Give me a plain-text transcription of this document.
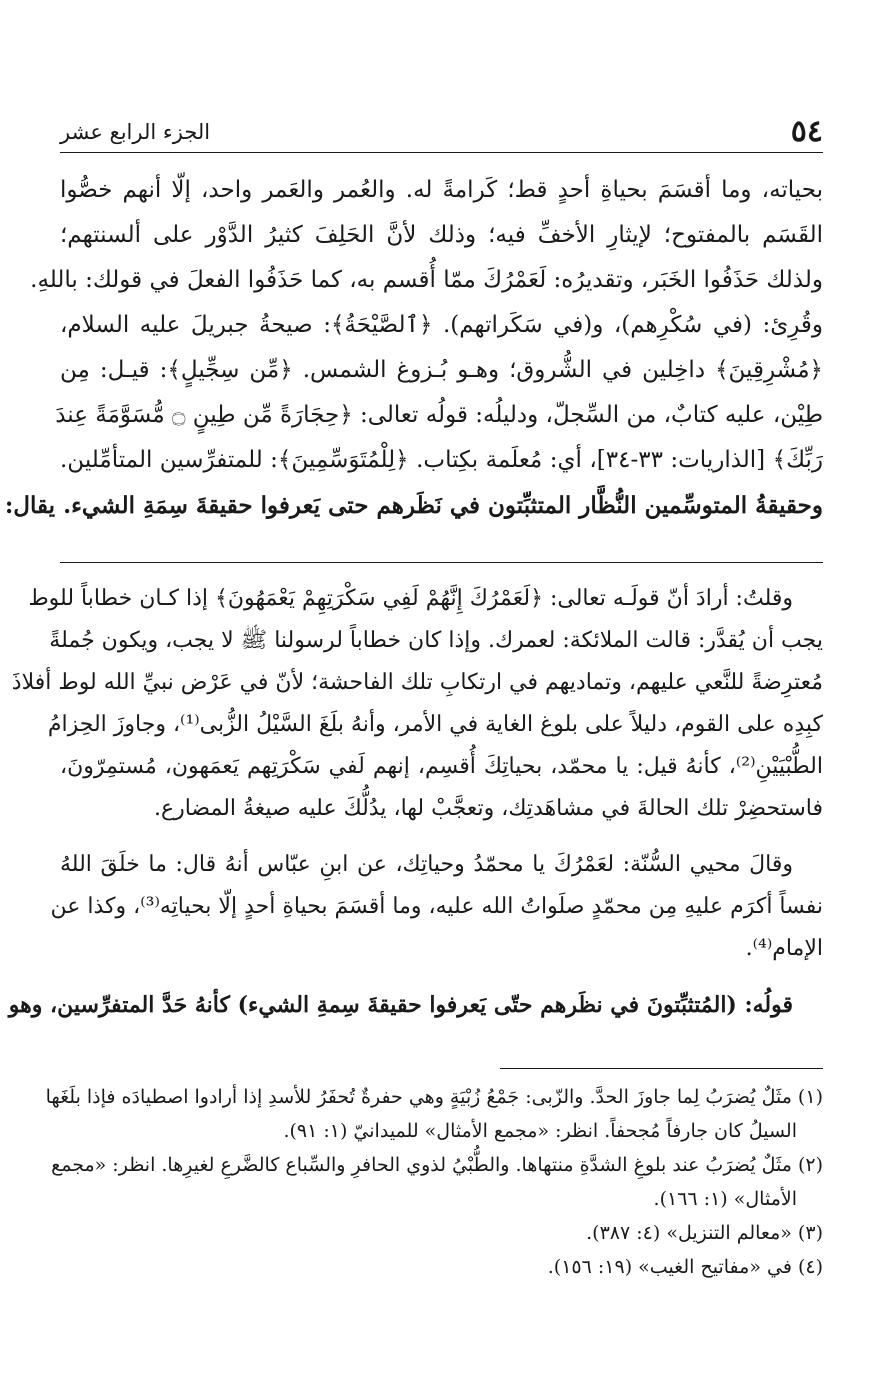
٥٤
الجزء الرابع عشر
بحياته، وما أقسَمَ بحياةِ أحدٍ قط؛ كَرامةً له. والعُمر والعَمر واحد، إلّا أنهم خصُّوا
القَسَم بالمفتوح؛ لإيثارِ الأخفِّ فيه؛ وذلك لأنَّ الحَلِفَ كثيرُ الدَّوْر على ألسنتهم؛
ولذلك حَذَفُوا الخَبَر، وتقديرُه: لَعَمْرُكَ ممّا أُقسم به، كما حَذَفُوا الفعلَ في قولك: باللهِ.
وقُرِئ: (في سُكْرِهم)، و(في سَكَراتهم). ﴿ٱلصَّيْحَةُ﴾: صيحةُ جبريلَ عليه السلام،
﴿مُشْرِقِينَ﴾ داخِلين في الشُّروق؛ وهـو بُـزوغ الشمس. ﴿مِّن سِجِّيلٍ﴾: قيـل: مِن
طِيْن، عليه كتابٌ، من السِّجلّ، ودليلُه: قولُه تعالى: ﴿حِجَارَةً مِّن طِينٍ ۝ مُّسَوَّمَةً عِندَ
رَبِّكَ﴾ [الذاريات: ٣٣-٣٤]، أي: مُعلَمة بكِتاب. ﴿لِلْمُتَوَسِّمِينَ﴾: للمتفرِّسين المتأمِّلين.
وحقيقةُ المتوسِّمين النُّظَّار المتثبِّتون في نَظَرهم حتى يَعرفوا حقيقةَ سِمَةِ الشيء. يقال:
وقلتُ: أرادَ أنّ قولَـه تعالى: ﴿لَعَمْرُكَ إِنَّهُمْ لَفِي سَكْرَتِهِمْ يَعْمَهُونَ﴾ إذا كـان خطاباً للوط
يجب أن يُقدَّر: قالت الملائكة: لعمرك. وإذا كان خطاباً لرسولنا ﷺ لا يجب، ويكون جُملةً
مُعترِضةً للنَّعي عليهم، وتماديهم في ارتكابِ تلك الفاحشة؛ لأنّ في عَرْض نبيِّ الله لوط أفلاذَ
كبِدِه على القوم، دليلاً على بلوغ الغاية في الأمر، وأنهُ بلَغَ السَّيْلُ الزُّبى⁽¹⁾، وجاوزَ الحِزامُ
الطُّبْيَيْنِ⁽²⁾، كأنهُ قيل: يا محمّد، بحياتِكَ أُقسِم، إنهم لَفي سَكْرَتِهم يَعمَهون، مُستمِرّونَ،
فاستحضِرْ تلك الحالةَ في مشاهَدتِك، وتعجَّبْ لها، يدُلُّكَ عليه صيغةُ المضارع.
وقالَ محيي السُّنّة: لعَمْرُكَ يا محمّدُ وحياتِك، عن ابنِ عبّاس أنهُ قال: ما خلَقَ اللهُ
نفساً أكرَم عليهِ مِن محمّدٍ صلَواتُ الله عليه، وما أقسَمَ بحياةِ أحدٍ إلّا بحياتِه⁽³⁾، وكذا عن
الإمام⁽⁴⁾.
قولُه: (المُتثبِّتونَ في نظَرهم حتّى يَعرفوا حقيقةَ سِمةِ الشيء) كأنهُ حَدَّ المتفرِّسين، وهو
(١) مثَلٌ يُضرَبُ لِما جاوزَ الحدَّ. والزّبى: جَمْعُ زُبْيَةٍ وهي حفرةٌ تُحفَرُ للأسدِ إذا أرادوا اصطيادَه فإذا بلَغَها
السيلُ كان جارفاً مُجحفاً. انظر: «مجمع الأمثال» للميدانيّ (١: ٩١).
(٢) مثَلٌ يُضرَبُ عند بلوغِ الشدَّةِ منتهاها. والطُّبْيُ لذوي الحافرِ والسِّباع كالضَّرعِ لغيرِها. انظر: «مجمع
الأمثال» (١: ١٦٦).
(٣) «معالم التنزيل» (٤: ٣٨٧).
(٤) في «مفاتيح الغيب» (١٩: ١٥٦).
